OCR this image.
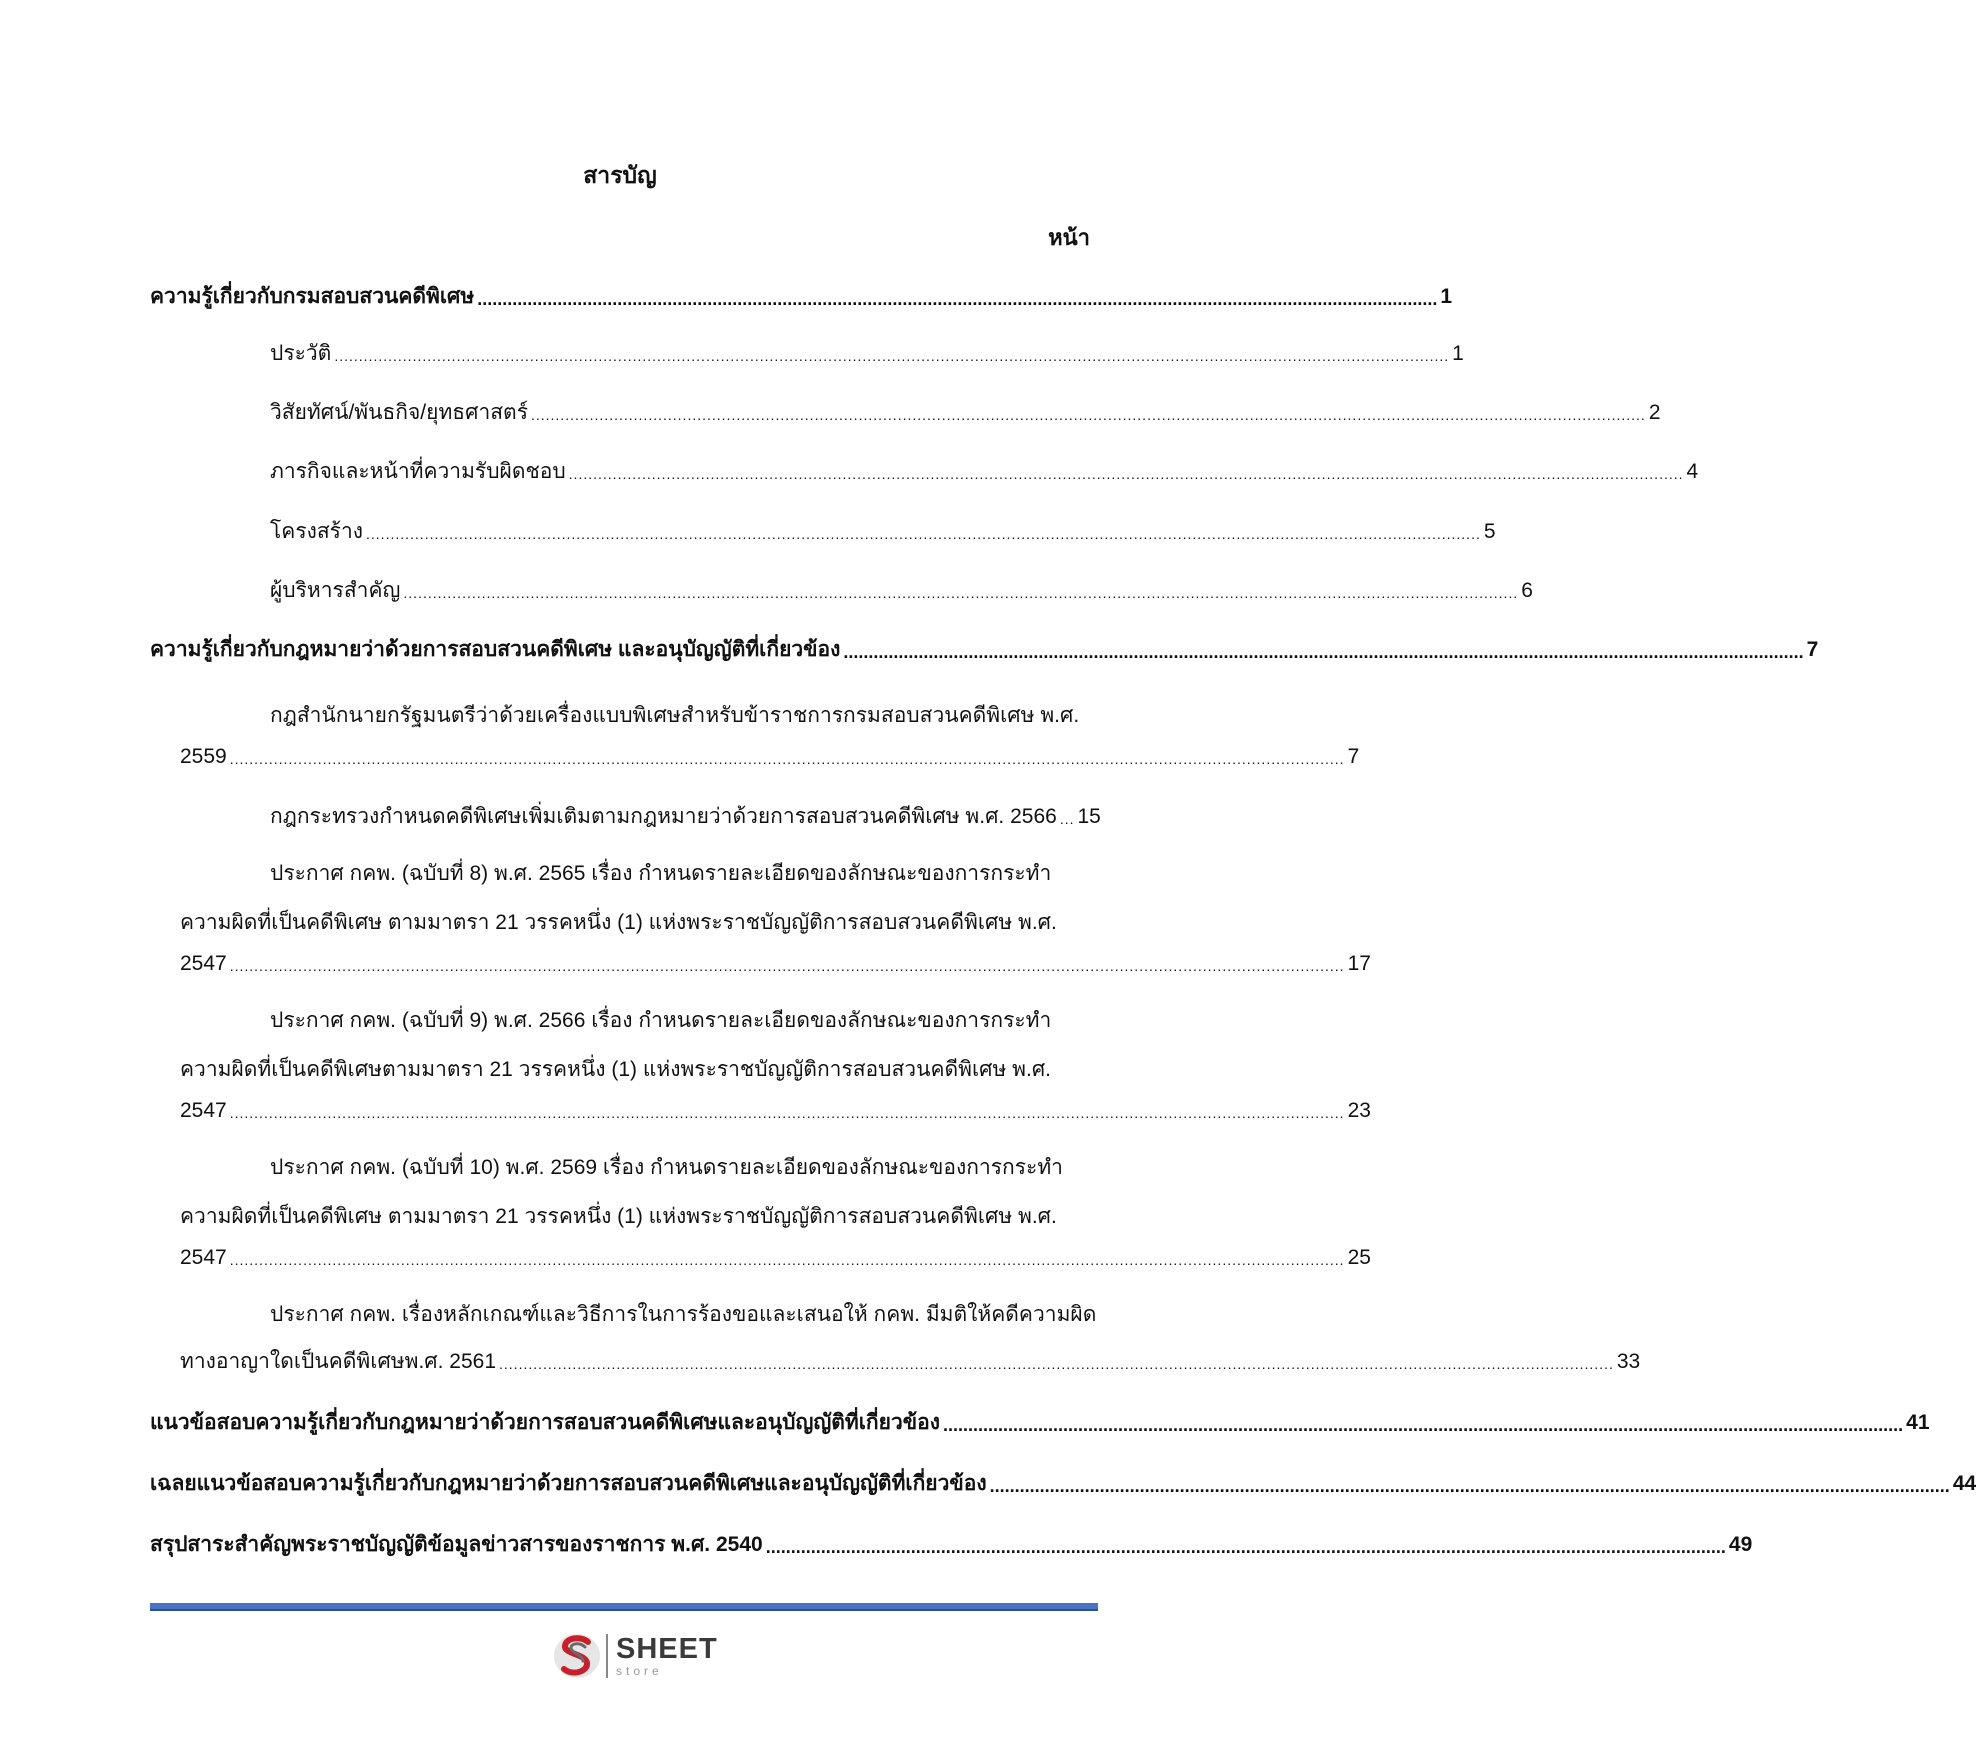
สารบัญ
หน้า
ความรู้เกี่ยวกับกรมสอบสวนคดีพิเศษ ................................................................................................................................................................................................ 1
ประวัติ .................................................................................................................................................................................................................................... 1
วิสัยทัศน์/พันธกิจ/ยุทธศาสตร์ .................................................................................................................................................................................................................................... 2
ภารกิจและหน้าที่ความรับผิดชอบ .................................................................................................................................................................................................................................... 4
โครงสร้าง .................................................................................................................................................................................................................................... 5
ผู้บริหารสำคัญ .................................................................................................................................................................................................................................... 6
ความรู้เกี่ยวกับกฎหมายว่าด้วยการสอบสวนคดีพิเศษ และอนุบัญญัติที่เกี่ยวข้อง ................................................................................................................................................................................................ 7
กฎสำนักนายกรัฐมนตรีว่าด้วยเครื่องแบบพิเศษสำหรับข้าราชการกรมสอบสวนคดีพิเศษ พ.ศ.
2559 .................................................................................................................................................................................................................................... 7
กฎกระทรวงกำหนดคดีพิเศษเพิ่มเติมตามกฎหมายว่าด้วยการสอบสวนคดีพิเศษ พ.ศ. 2566 ... 15
ประกาศ กคพ. (ฉบับที่ 8) พ.ศ. 2565 เรื่อง กำหนดรายละเอียดของลักษณะของการกระทำ
ความผิดที่เป็นคดีพิเศษ ตามมาตรา 21 วรรคหนึ่ง (1) แห่งพระราชบัญญัติการสอบสวนคดีพิเศษ พ.ศ.
2547 .................................................................................................................................................................................................................................... 17
ประกาศ กคพ. (ฉบับที่ 9) พ.ศ. 2566 เรื่อง กำหนดรายละเอียดของลักษณะของการกระทำ
ความผิดที่เป็นคดีพิเศษตามมาตรา 21 วรรคหนึ่ง (1) แห่งพระราชบัญญัติการสอบสวนคดีพิเศษ พ.ศ.
2547 .................................................................................................................................................................................................................................... 23
ประกาศ กคพ. (ฉบับที่ 10) พ.ศ. 2569 เรื่อง กำหนดรายละเอียดของลักษณะของการกระทำ
ความผิดที่เป็นคดีพิเศษ ตามมาตรา 21 วรรคหนึ่ง (1) แห่งพระราชบัญญัติการสอบสวนคดีพิเศษ พ.ศ.
2547 .................................................................................................................................................................................................................................... 25
ประกาศ กคพ. เรื่องหลักเกณฑ์และวิธีการในการร้องขอและเสนอให้ กคพ. มีมติให้คดีความผิด
ทางอาญาใดเป็นคดีพิเศษพ.ศ. 2561 .................................................................................................................................................................................................................................... 33
แนวข้อสอบความรู้เกี่ยวกับกฎหมายว่าด้วยการสอบสวนคดีพิเศษและอนุบัญญัติที่เกี่ยวข้อง ................................................................................................................................................................................................ 41
เฉลยแนวข้อสอบความรู้เกี่ยวกับกฎหมายว่าด้วยการสอบสวนคดีพิเศษและอนุบัญญัติที่เกี่ยวข้อง ................................................................................................................................................................................................ 44
สรุปสาระสำคัญพระราชบัญญัติข้อมูลข่าวสารของราชการ พ.ศ. 2540 ................................................................................................................................................................................................ 49
SHEET
store
